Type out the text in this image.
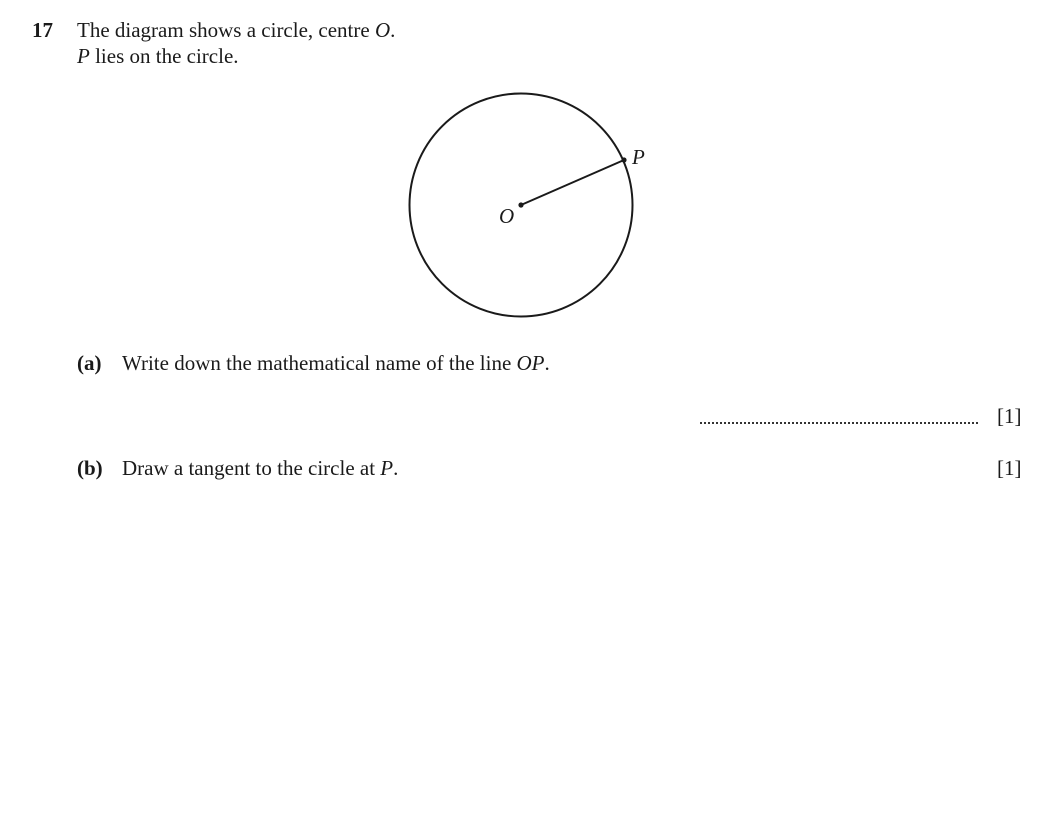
17 The diagram shows a circle, centre O.
P lies on the circle.
O
P
(a) Write down the mathematical name of the line OP.
[1]
(b) Draw a tangent to the circle at P.	[1]
